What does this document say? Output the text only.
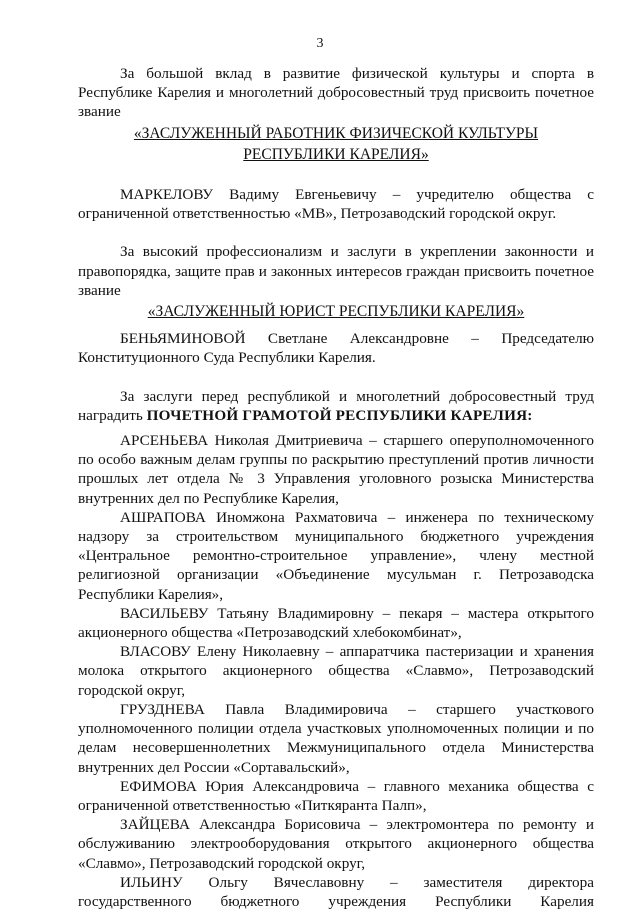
3

За большой вклад в развитие физической культуры и спорта в Республике Карелия и многолетний добросовестный труд присвоить почетное звание

«ЗАСЛУЖЕННЫЙ РАБОТНИК ФИЗИЧЕСКОЙ КУЛЬТУРЫ

РЕСПУБЛИКИ КАРЕЛИЯ»

МАРКЕЛОВУ Вадиму Евгеньевичу – учредителю общества с ограниченной ответственностью «МВ», Петрозаводский городской округ.

За высокий профессионализм и заслуги в укреплении законности и правопорядка, защите прав и законных интересов граждан присвоить почетное звание

«ЗАСЛУЖЕННЫЙ ЮРИСТ РЕСПУБЛИКИ КАРЕЛИЯ»

БЕНЬЯМИНОВОЙ Светлане Александровне – Председателю Конституционного Суда Республики Карелия.

За заслуги перед республикой и многолетний добросовестный труд наградить ПОЧЕТНОЙ ГРАМОТОЙ РЕСПУБЛИКИ КАРЕЛИЯ:

АРСЕНЬЕВА Николая Дмитриевича – старшего оперуполномоченного по особо важным делам группы по раскрытию преступлений против личности прошлых лет отдела № 3 Управления уголовного розыска Министерства внутренних дел по Республике Карелия,

АШРАПОВА Иномжона Рахматовича – инженера по техническому надзору за строительством муниципального бюджетного учреждения «Центральное ремонтно-строительное управление», члену местной религиозной организации «Объединение мусульман г. Петрозаводска Республики Карелия»,

ВАСИЛЬЕВУ Татьяну Владимировну – пекаря – мастера открытого акционерного общества «Петрозаводский хлебокомбинат»,

ВЛАСОВУ Елену Николаевну – аппаратчика пастеризации и хранения молока открытого акционерного общества «Славмо», Петрозаводский городской округ,

ГРУЗДНЕВА Павла Владимировича – старшего участкового уполномоченного полиции отдела участковых уполномоченных полиции и по делам несовершеннолетних Межмуниципального отдела Министерства внутренних дел России «Сортавальский»,

ЕФИМОВА Юрия Александровича – главного механика общества с ограниченной ответственностью «Питкяранта Палп»,

ЗАЙЦЕВА Александра Борисовича – электромонтера по ремонту и обслуживанию электрооборудования открытого акционерного общества «Славмо», Петрозаводский городской округ,

ИЛЬИНУ Ольгу Вячеславовну – заместителя директора государственного бюджетного учреждения Республики Карелия
